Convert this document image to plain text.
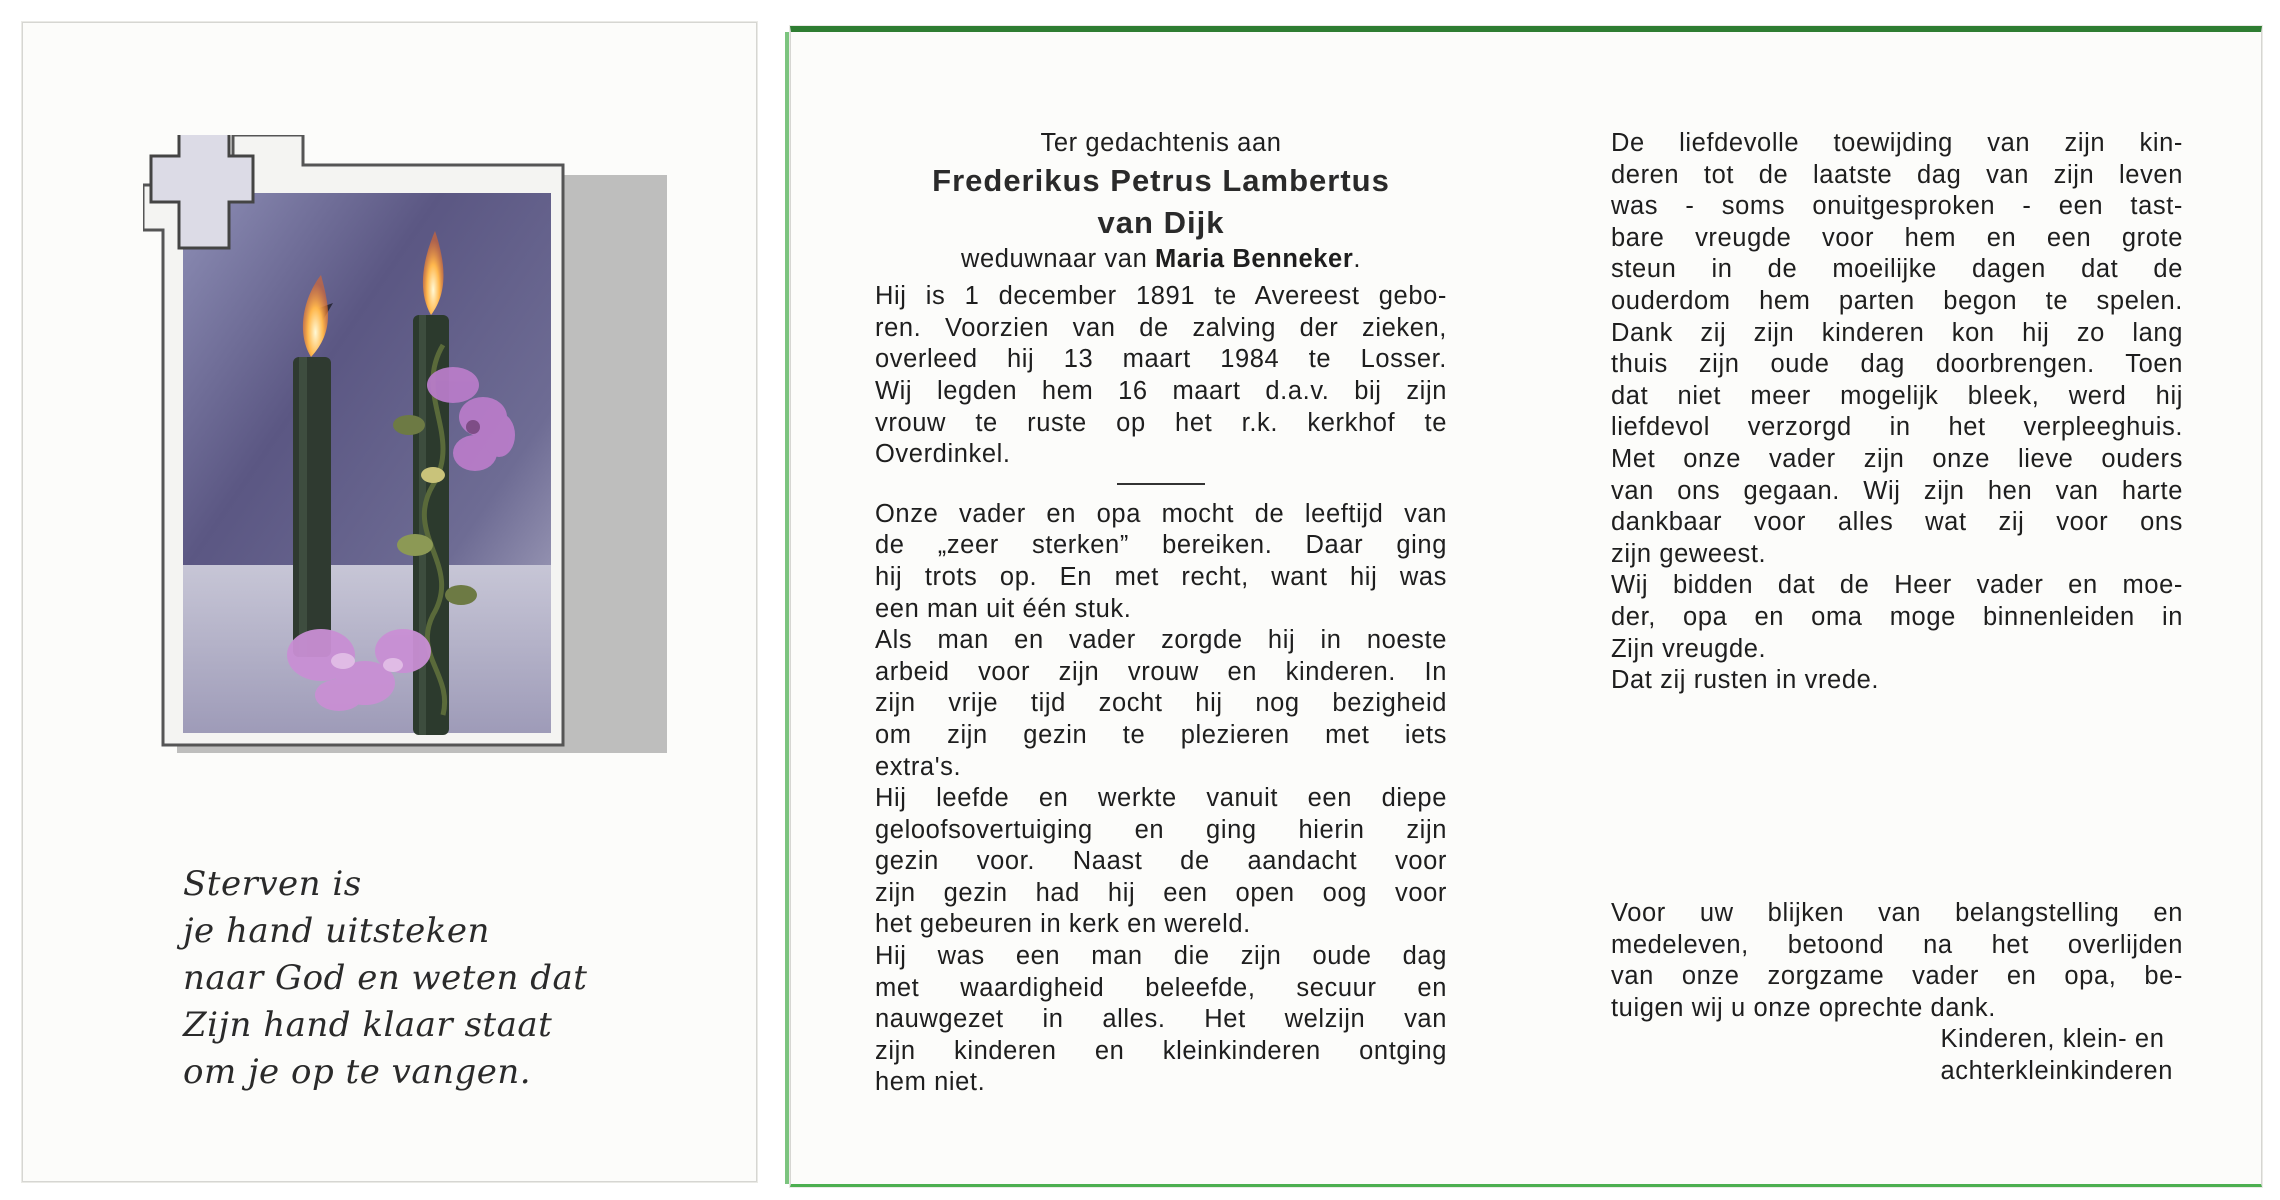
Sterven is
je hand uitsteken
naar God en weten dat
Zijn hand klaar staat
om je op te vangen.

Ter gedachtenis aan

Frederikus Petrus Lambertus

van Dijk

weduwnaar van Maria Benneker.

Hij is 1 december 1891 te Avereest gebo-

ren. Voorzien van de zalving der zieken,

overleed hij 13 maart 1984 te Losser.

Wij legden hem 16 maart d.a.v. bij zijn

vrouw te ruste op het r.k. kerkhof te

Overdinkel.

Onze vader en opa mocht de leeftijd van

de „zeer sterken” bereiken. Daar ging

hij trots op. En met recht, want hij was

een man uit één stuk.

Als man en vader zorgde hij in noeste

arbeid voor zijn vrouw en kinderen. In

zijn vrije tijd zocht hij nog bezigheid

om zijn gezin te plezieren met iets

extra's.

Hij leefde en werkte vanuit een diepe

geloofsovertuiging en ging hierin zijn

gezin voor. Naast de aandacht voor

zijn gezin had hij een open oog voor

het gebeuren in kerk en wereld.

Hij was een man die zijn oude dag

met waardigheid beleefde, secuur en

nauwgezet in alles. Het welzijn van

zijn kinderen en kleinkinderen ontging

hem niet.

De liefdevolle toewijding van zijn kin-

deren tot de laatste dag van zijn leven

was - soms onuitgesproken - een tast-

bare vreugde voor hem en een grote

steun in de moeilijke dagen dat de

ouderdom hem parten begon te spelen.

Dank zij zijn kinderen kon hij zo lang

thuis zijn oude dag doorbrengen. Toen

dat niet meer mogelijk bleek, werd hij

liefdevol verzorgd in het verpleeghuis.

Met onze vader zijn onze lieve ouders

van ons gegaan. Wij zijn hen van harte

dankbaar voor alles wat zij voor ons

zijn geweest.

Wij bidden dat de Heer vader en moe-

der, opa en oma moge binnenleiden in

Zijn vreugde.

Dat zij rusten in vrede.

Voor uw blijken van belangstelling en

medeleven, betoond na het overlijden

van onze zorgzame vader en opa, be-

tuigen wij u onze oprechte dank.

Kinderen, klein- en

achterkleinkinderen
